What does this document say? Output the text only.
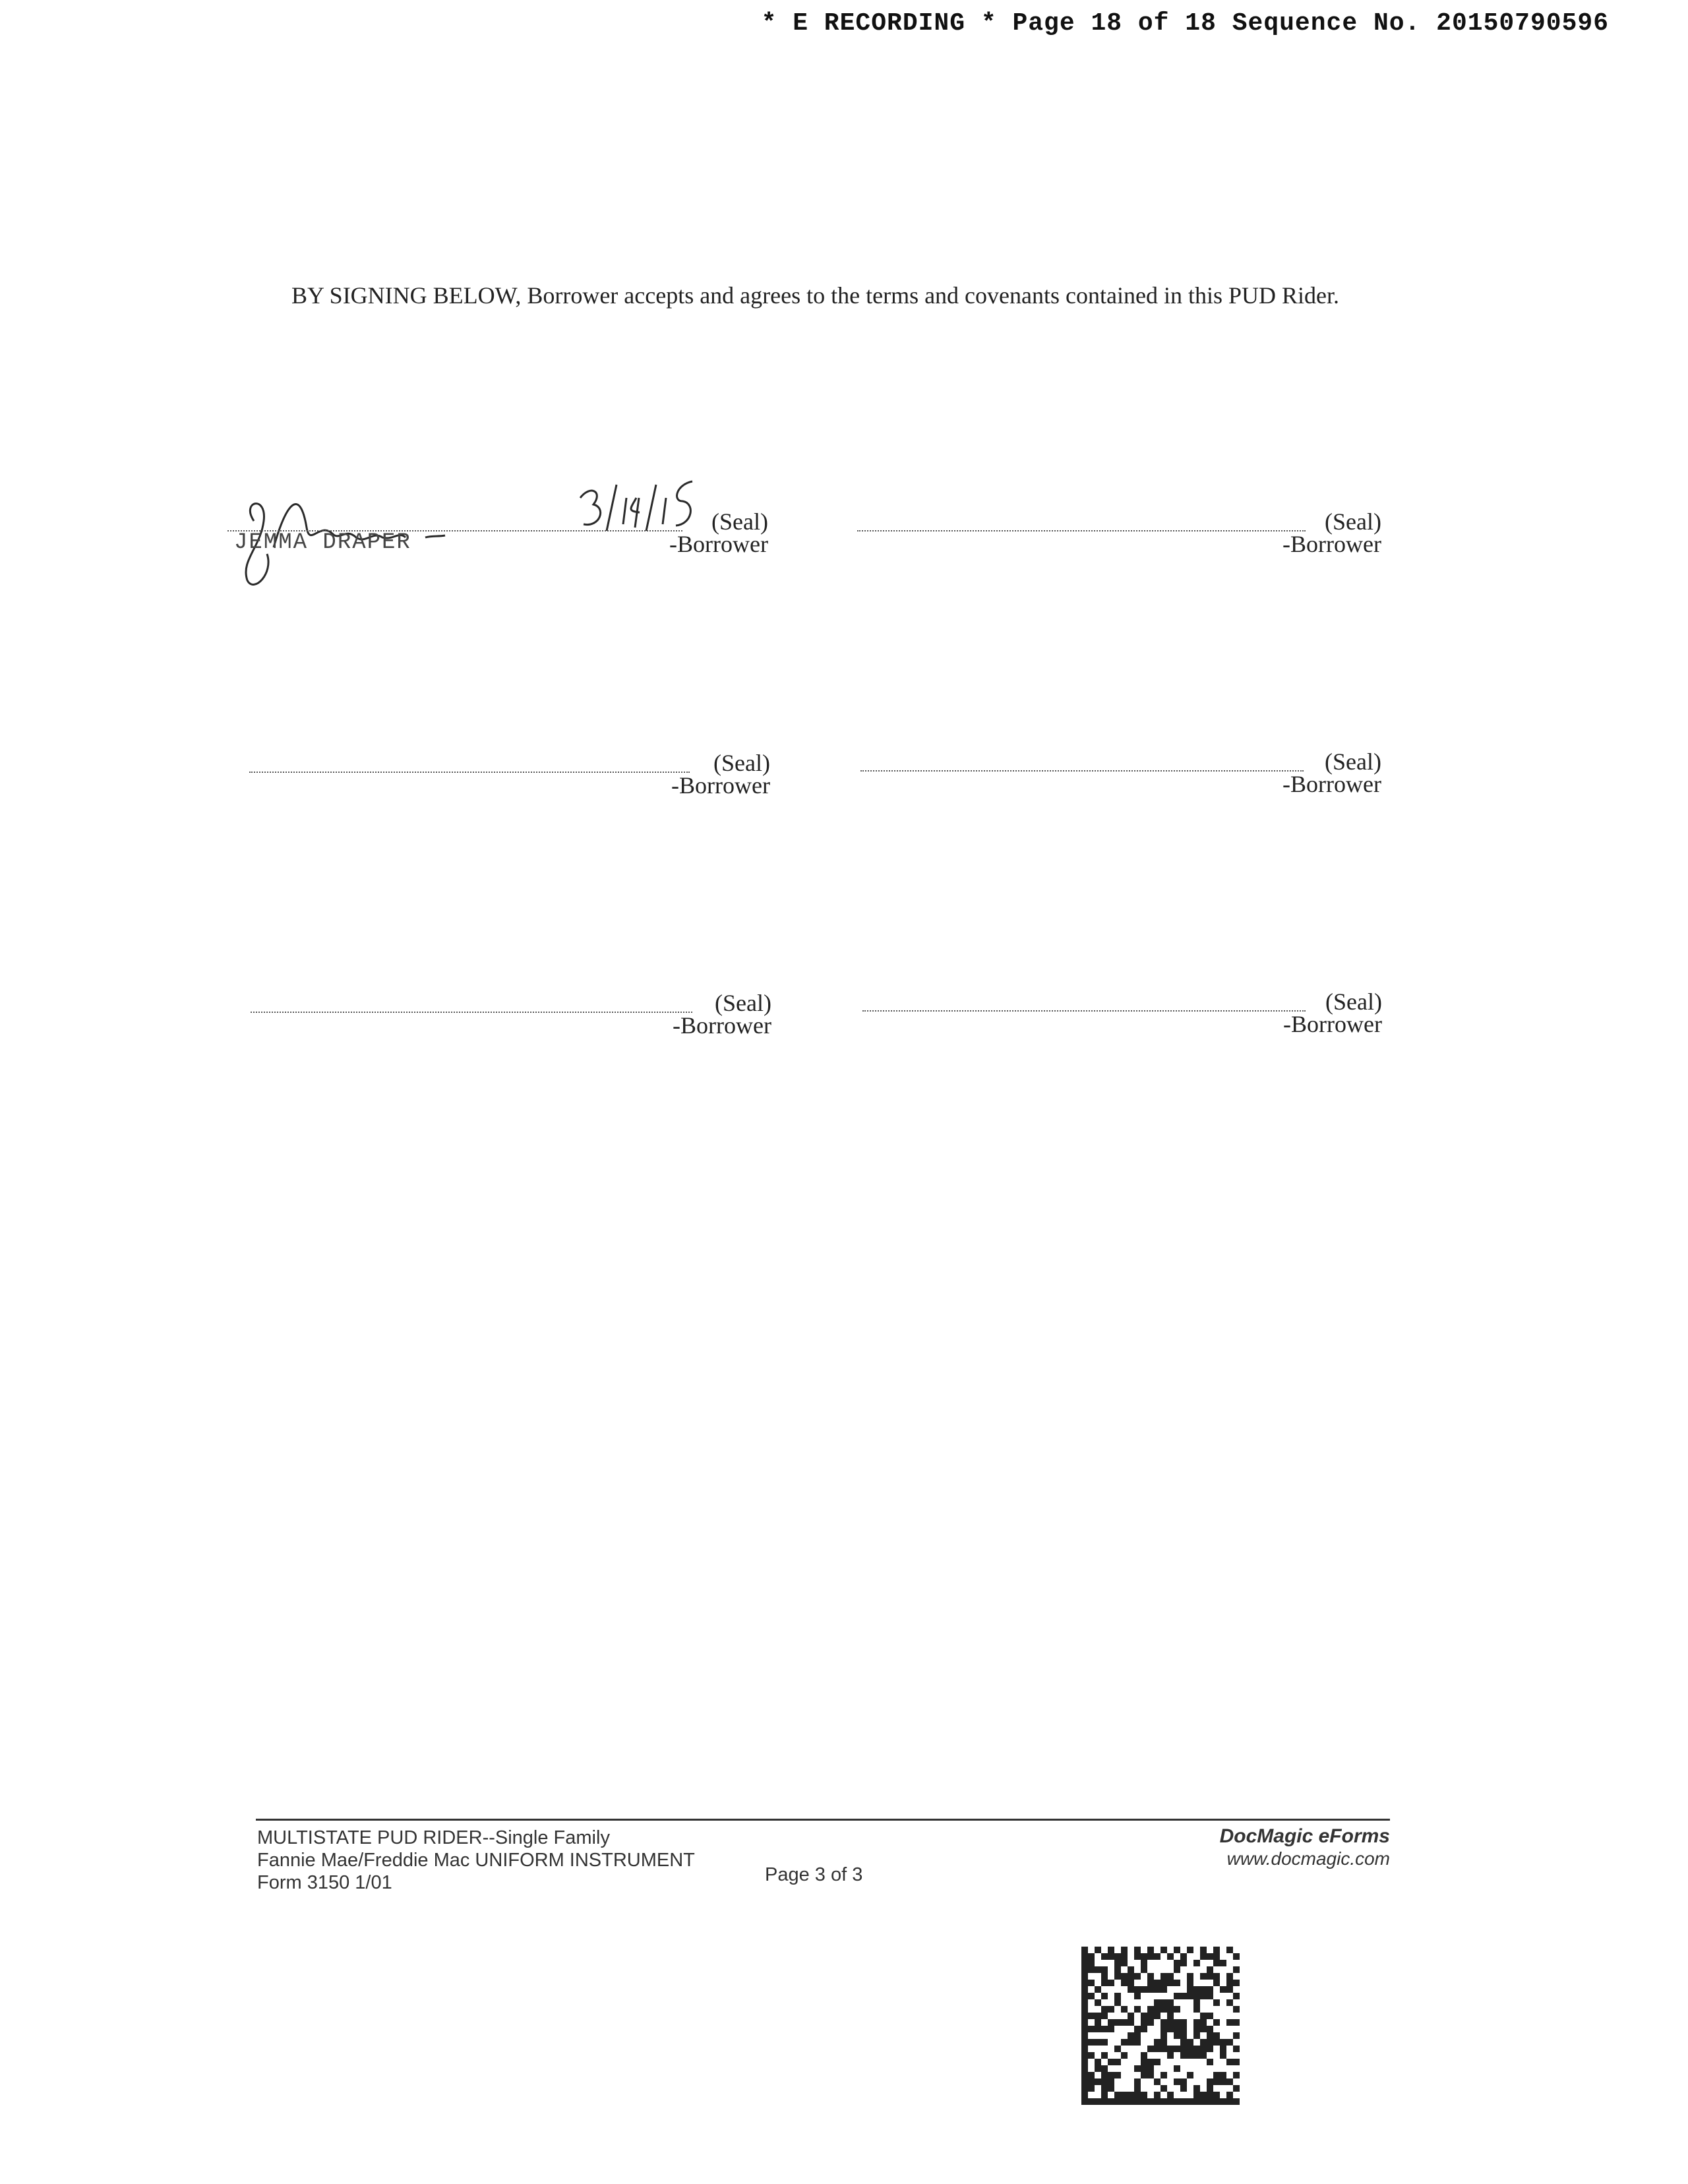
* E RECORDING * Page 18 of 18 Sequence No. 20150790596
BY SIGNING BELOW, Borrower accepts and agrees to the terms and covenants contained in this PUD Rider.
(Seal)
-Borrower
JEMMA DRAPER
(Seal)
-Borrower
(Seal)
-Borrower
(Seal)
-Borrower
(Seal)
-Borrower
(Seal)
-Borrower
MULTISTATE PUD RIDER--Single Family
Fannie Mae/Freddie Mac UNIFORM INSTRUMENT
Form 3150 1/01	Page 3 of 3
DocMagic eForms
www.docmagic.com
